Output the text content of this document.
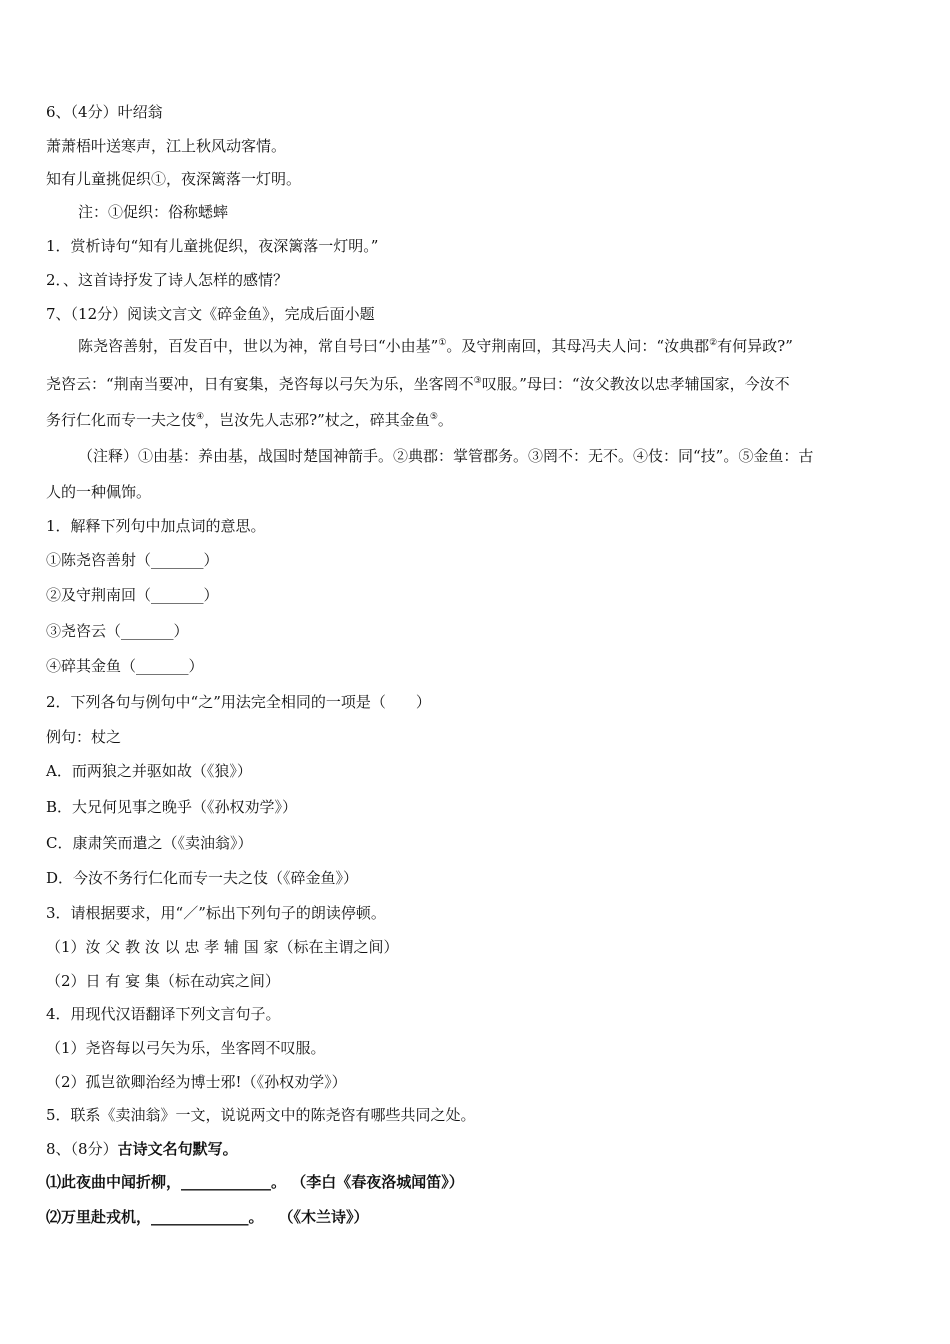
6、（4分）叶绍翁
萧萧梧叶送寒声，江上秋风动客情。
知有儿童挑促织①，夜深篱落一灯明。
注：①促织：俗称蟋蟀
1．赏析诗句“知有儿童挑促织，夜深篱落一灯明。”
2．、这首诗抒发了诗人怎样的感情？
7、（12分）阅读文言文《碎金鱼》，完成后面小题
陈尧咨善射，百发百中，世以为神，常自号曰“小由基”①。及守荆南回，其母冯夫人问：“汝典郡②有何异政?”
尧咨云：“荆南当要冲，日有宴集，尧咨每以弓矢为乐，坐客罔不③叹服。”母曰：“汝父教汝以忠孝辅国家，今汝不
务行仁化而专一夫之伎④，岂汝先人志邪?”杖之，碎其金鱼⑤。
（注释）①由基：养由基，战国时楚国神箭手。②典郡：掌管郡务。③罔不：无不。④伎：同“技”。⑤金鱼：古
人的一种佩饰。
1．解释下列句中加点词的意思。
①陈尧咨善射（_______）
②及守荆南回（_______）
③尧咨云（_______）
④碎其金鱼（_______）
2．下列各句与例句中“之”用法完全相同的一项是（　　）
例句：杖之
A．而两狼之并驱如故（《狼》）
B．大兄何见事之晚乎（《孙权劝学》）
C．康肃笑而遣之（《卖油翁》）
D．今汝不务行仁化而专一夫之伎（《碎金鱼》）
3．请根据要求，用“／”标出下列句子的朗读停顿。
（1）汝 父 教 汝 以 忠 孝 辅 国 家（标在主谓之间）
（2）日 有 宴 集（标在动宾之间）
4．用现代汉语翻译下列文言句子。
（1）尧咨每以弓矢为乐，坐客罔不叹服。
（2）孤岂欲卿治经为博士邪!（《孙权劝学》）
5．联系《卖油翁》一文，说说两文中的陈尧咨有哪些共同之处。
8、（8分）古诗文名句默写。
⑴此夜曲中闻折柳，____________。 （李白《春夜洛城闻笛》）
⑵万里赴戎机，_____________。　　（《木兰诗》）
